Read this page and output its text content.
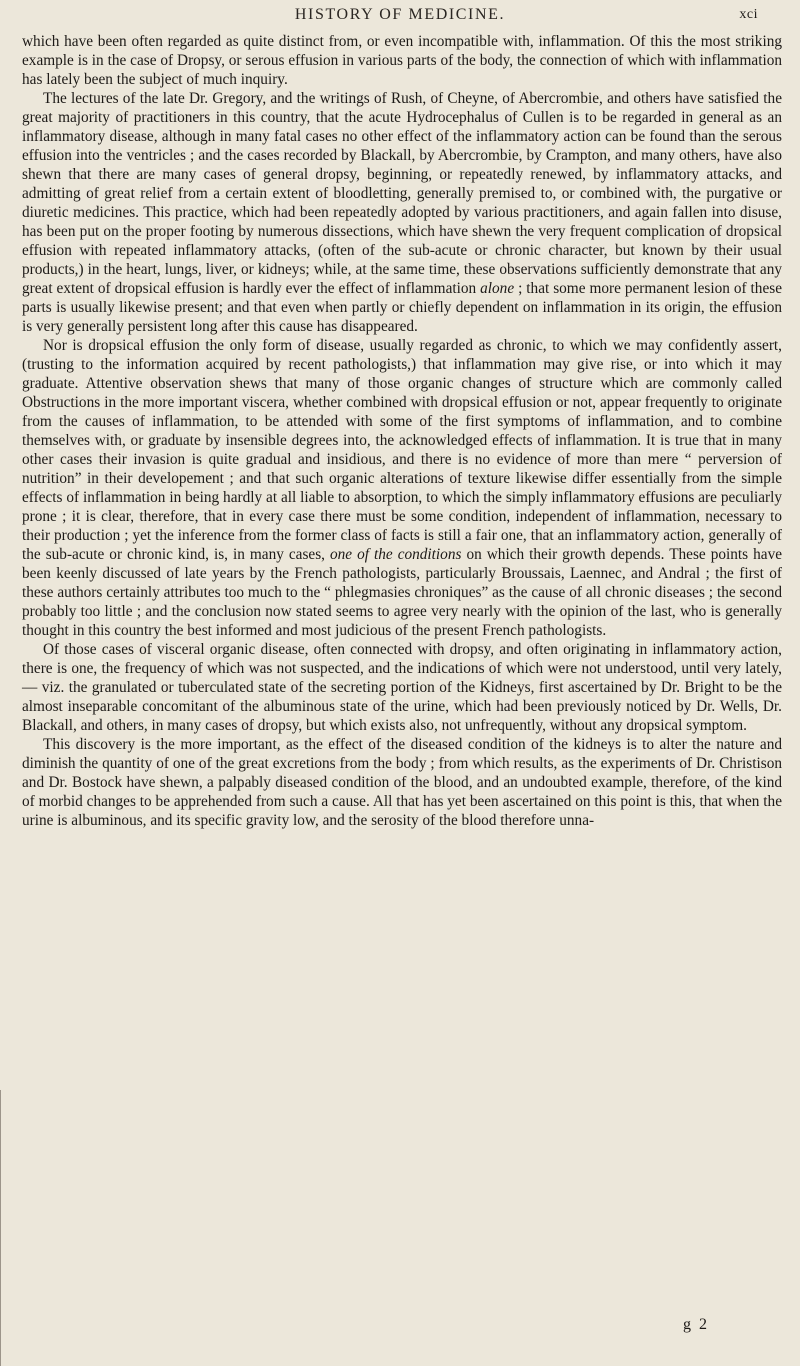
HISTORY OF MEDICINE.	xci

which have been often regarded as quite distinct from, or even incompatible with, inflammation. Of this the most striking example is in the case of Dropsy, or serous effusion in various parts of the body, the connection of which with inflammation has lately been the subject of much inquiry.

The lectures of the late Dr. Gregory, and the writings of Rush, of Cheyne, of Abercrombie, and others have satisfied the great majority of practitioners in this country, that the acute Hydrocephalus of Cullen is to be regarded in general as an inflammatory disease, although in many fatal cases no other effect of the inflammatory action can be found than the serous effusion into the ventricles ; and the cases recorded by Blackall, by Abercrombie, by Crampton, and many others, have also shewn that there are many cases of general dropsy, beginning, or repeatedly renewed, by inflammatory attacks, and admitting of great relief from a certain extent of bloodletting, generally premised to, or combined with, the purgative or diuretic medicines. This practice, which had been repeatedly adopted by various practitioners, and again fallen into disuse, has been put on the proper footing by numerous dissections, which have shewn the very frequent complication of dropsical effusion with repeated inflammatory attacks, (often of the sub-acute or chronic character, but known by their usual products,) in the heart, lungs, liver, or kidneys; while, at the same time, these observations sufficiently demonstrate that any great extent of dropsical effusion is hardly ever the effect of inflammation alone ; that some more permanent lesion of these parts is usually likewise present; and that even when partly or chiefly dependent on inflammation in its origin, the effusion is very generally persistent long after this cause has disappeared.

Nor is dropsical effusion the only form of disease, usually regarded as chronic, to which we may confidently assert, (trusting to the information acquired by recent pathologists,) that inflammation may give rise, or into which it may graduate. Attentive observation shews that many of those organic changes of structure which are commonly called Obstructions in the more important viscera, whether combined with dropsical effusion or not, appear frequently to originate from the causes of inflammation, to be attended with some of the first symptoms of inflammation, and to combine themselves with, or graduate by insensible degrees into, the acknowledged effects of inflammation. It is true that in many other cases their invasion is quite gradual and insidious, and there is no evidence of more than mere “ perversion of nutrition” in their developement ; and that such organic alterations of texture likewise differ essentially from the simple effects of inflammation in being hardly at all liable to absorption, to which the simply inflammatory effusions are peculiarly prone ; it is clear, therefore, that in every case there must be some condition, independent of inflammation, necessary to their production ; yet the inference from the former class of facts is still a fair one, that an inflammatory action, generally of the sub-acute or chronic kind, is, in many cases, one of the conditions on which their growth depends. These points have been keenly discussed of late years by the French pathologists, particularly Broussais, Laennec, and Andral ; the first of these authors certainly attributes too much to the “ phlegmasies chroniques” as the cause of all chronic diseases ; the second probably too little ; and the conclusion now stated seems to agree very nearly with the opinion of the last, who is generally thought in this country the best informed and most judicious of the present French pathologists.

Of those cases of visceral organic disease, often connected with dropsy, and often originating in inflammatory action, there is one, the frequency of which was not suspected, and the indications of which were not understood, until very lately,— viz. the granulated or tuberculated state of the secreting portion of the Kidneys, first ascertained by Dr. Bright to be the almost inseparable concomitant of the albuminous state of the urine, which had been previously noticed by Dr. Wells, Dr. Blackall, and others, in many cases of dropsy, but which exists also, not unfrequently, without any dropsical symptom.

This discovery is the more important, as the effect of the diseased condition of the kidneys is to alter the nature and diminish the quantity of one of the great excretions from the body ; from which results, as the experiments of Dr. Christison and Dr. Bostock have shewn, a palpably diseased condition of the blood, and an undoubted example, therefore, of the kind of morbid changes to be apprehended from such a cause. All that has yet been ascertained on this point is this, that when the urine is albuminous, and its specific gravity low, and the serosity of the blood therefore unna-

g 2
